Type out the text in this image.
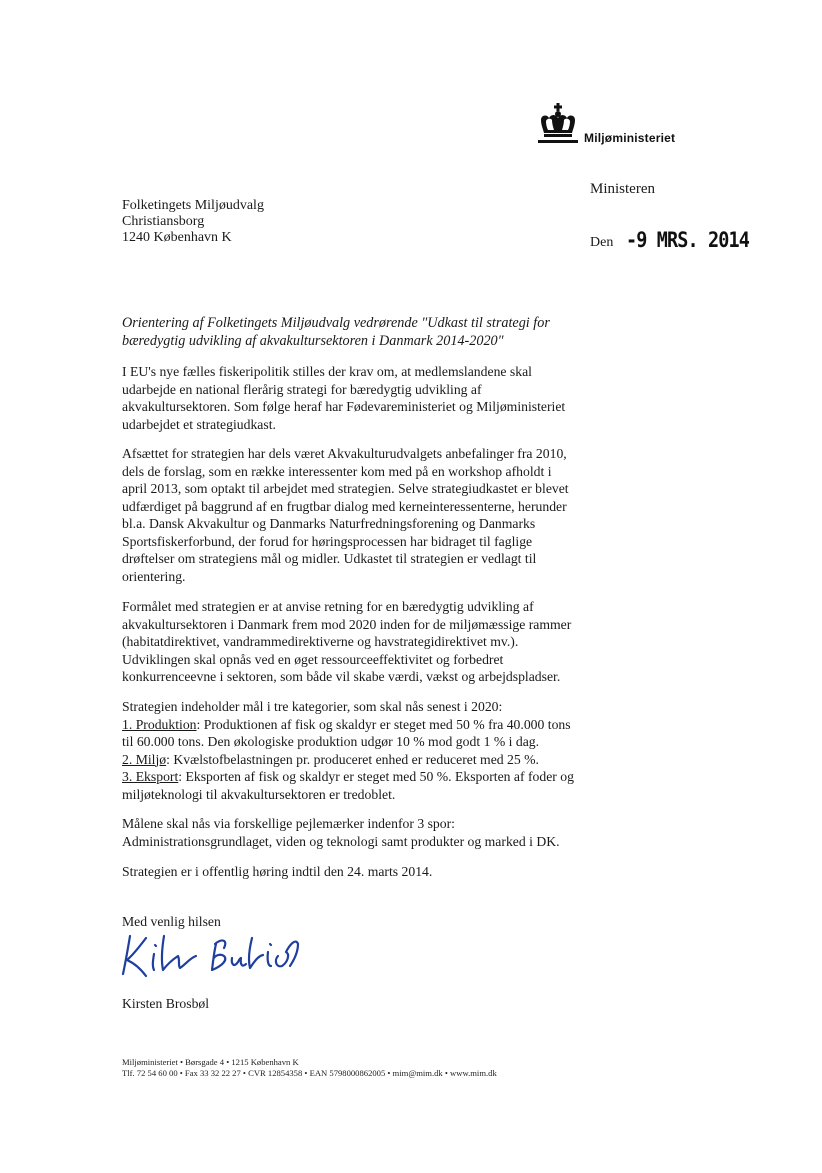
Miljøministeriet
Ministeren
Folketingets Miljøudvalg
Christiansborg
1240 København K	Den -9 MRS. 2014
Orientering af Folketingets Miljøudvalg vedrørende "Udkast til strategi for
bæredygtig udvikling af akvakultursektoren i Danmark 2014-2020"
I EU's nye fælles fiskeripolitik stilles der krav om, at medlemslandene skal
udarbejde en national flerårig strategi for bæredygtig udvikling af
akvakultursektoren. Som følge heraf har Fødevareministeriet og Miljøministeriet
udarbejdet et strategiudkast.
Afsættet for strategien har dels været Akvakulturudvalgets anbefalinger fra 2010,
dels de forslag, som en række interessenter kom med på en workshop afholdt i
april 2013, som optakt til arbejdet med strategien. Selve strategiudkastet er blevet
udfærdiget på baggrund af en frugtbar dialog med kerneinteressenterne, herunder
bl.a. Dansk Akvakultur og Danmarks Naturfredningsforening og Danmarks
Sportsfiskerforbund, der forud for høringsprocessen har bidraget til faglige
drøftelser om strategiens mål og midler. Udkastet til strategien er vedlagt til
orientering.
Formålet med strategien er at anvise retning for en bæredygtig udvikling af
akvakultursektoren i Danmark frem mod 2020 inden for de miljømæssige rammer
(habitatdirektivet, vandrammedirektiverne og havstrategidirektivet mv.).
Udviklingen skal opnås ved en øget ressourceeffektivitet og forbedret
konkurrenceevne i sektoren, som både vil skabe værdi, vækst og arbejdspladser.
Strategien indeholder mål i tre kategorier, som skal nås senest i 2020:
1. Produktion: Produktionen af fisk og skaldyr er steget med 50 % fra 40.000 tons
til 60.000 tons. Den økologiske produktion udgør 10 % mod godt 1 % i dag.
2. Miljø: Kvælstofbelastningen pr. produceret enhed er reduceret med 25 %.
3. Eksport: Eksporten af fisk og skaldyr er steget med 50 %. Eksporten af foder og
miljøteknologi til akvakultursektoren er tredoblet.
Målene skal nås via forskellige pejlemærker indenfor 3 spor:
Administrationsgrundlaget, viden og teknologi samt produkter og marked i DK.
Strategien er i offentlig høring indtil den 24. marts 2014.
Med venlig hilsen
Kirsten Brosbøl
Miljøministeriet • Børsgade 4 • 1215 København K
Tlf. 72 54 60 00 • Fax 33 32 22 27 • CVR 12854358 • EAN 5798000862005 • mim@mim.dk • www.mim.dk
